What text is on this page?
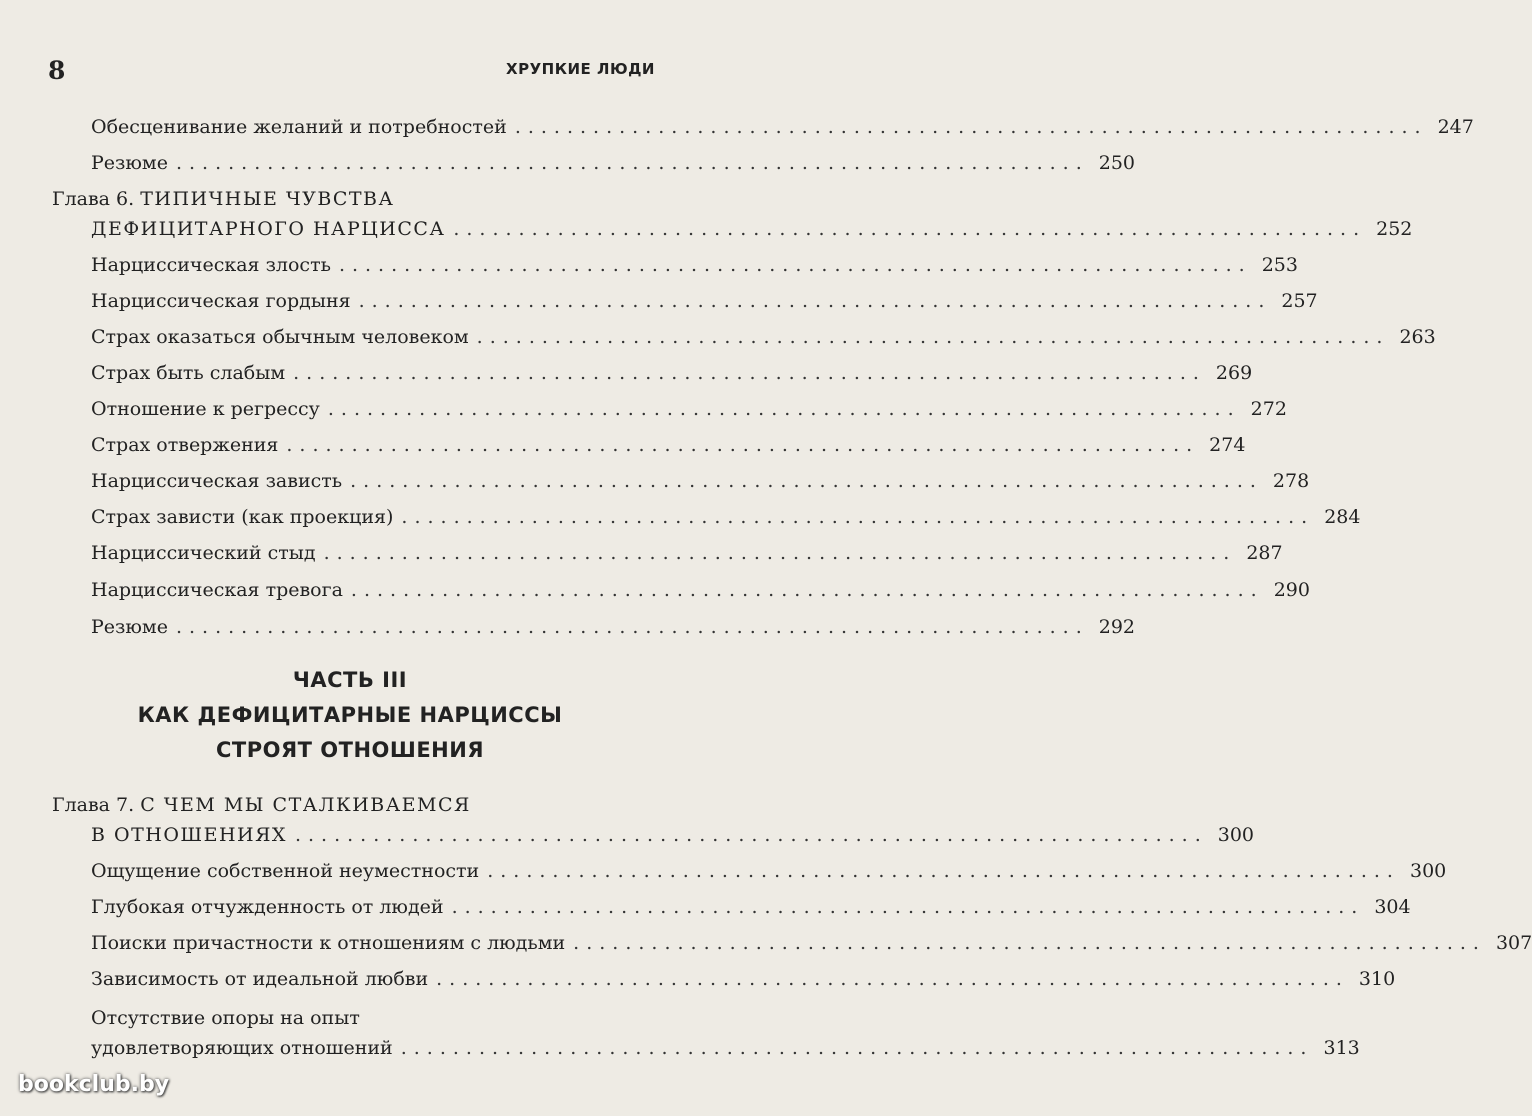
8	ХРУПКИЕ ЛЮДИ
Обесценивание желаний и потребностей ...................................................................... 247
Резюме ...................................................................... 250
Глава 6. ТИПИЧНЫЕ ЧУВСТВА
ДЕФИЦИТАРНОГО НАРЦИССА ...................................................................... 252
Нарциссическая злость ...................................................................... 253
Нарциссическая гордыня ...................................................................... 257
Страх оказаться обычным человеком ...................................................................... 263
Страх быть слабым ...................................................................... 269
Отношение к регрессу ...................................................................... 272
Страх отвержения ...................................................................... 274
Нарциссическая зависть ...................................................................... 278
Страх зависти (как проекция) ...................................................................... 284
Нарциссический стыд ...................................................................... 287
Нарциссическая тревога ...................................................................... 290
Резюме ...................................................................... 292
ЧАСТЬ III
КАК ДЕФИЦИТАРНЫЕ НАРЦИССЫ
СТРОЯТ ОТНОШЕНИЯ
Глава 7. С ЧЕМ МЫ СТАЛКИВАЕМСЯ
В ОТНОШЕНИЯХ ...................................................................... 300
Ощущение собственной неуместности ...................................................................... 300
Глубокая отчужденность от людей ...................................................................... 304
Поиски причастности к отношениям с людьми ...................................................................... 307
Зависимость от идеальной любви ...................................................................... 310
Отсутствие опоры на опыт
удовлетворяющих отношений ...................................................................... 313
bookclub.by
